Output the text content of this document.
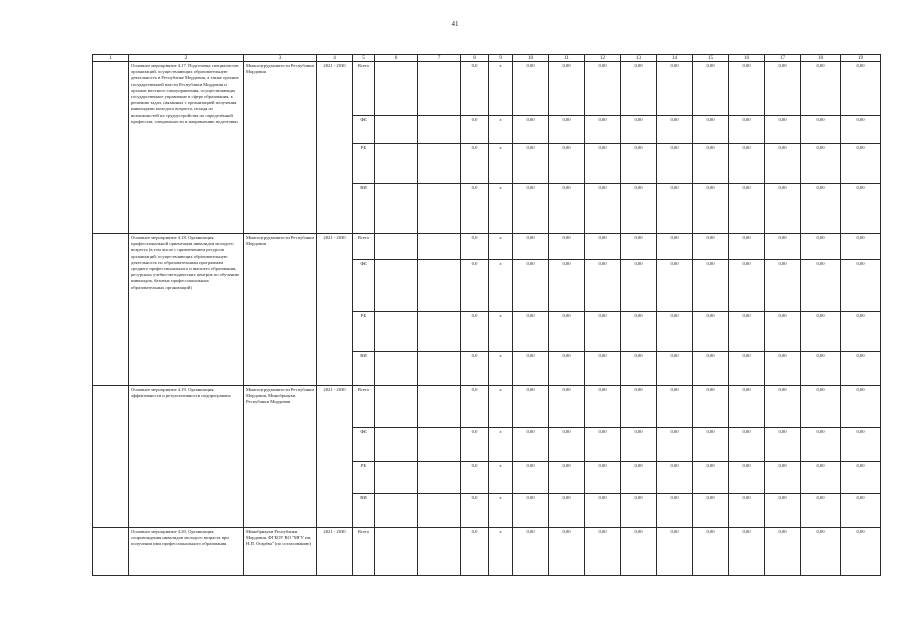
41
1	2	3	4	5	6	7	8	9	10	11	12	13	14	15	16	17	18	19
	Основное мероприятие 4.17. Подготовка специалистов организаций, осуществляющих образовательную деятельность в Республике Мордовия, а также органов государственной власти Республики Мордовия и органов местного самоуправления, осуществляющих государственное управление в сфере образования, к решению задач, связанных с организацией получения инвалидами молодого возраста, исходя из возможностей их трудоустройства по определённой профессии, специальности и направлению подготовки	Минсоцтрудзанятости Республики Мордовия	2021 - 2030	Всего			0,0	х	0,00	0,00	0,00	0,00	0,00	0,00	0,00	0,00	0,00	0,00
				ФБ			0,0	х	0,00	0,00	0,00	0,00	0,00	0,00	0,00	0,00	0,00	0,00
				РБ			0,0	х	0,00	0,00	0,00	0,00	0,00	0,00	0,00	0,00	0,00	0,00
				ВИ			0,0	х	0,00	0,00	0,00	0,00	0,00	0,00	0,00	0,00	0,00	0,00
	Основное мероприятие 4.18. Организация профессиональной ориентации инвалидов молодого возраста (в том числе с привлечением ресурсов организаций, осуществляющих образовательную деятельность по образовательным программам среднего профессионального и высшего образования, ресурсных учебно-методических центров по обучению инвалидов, базовых профессиональных образовательных организаций)	Минсоцтрудзанятости Республики Мордовия	2021 - 2030	Всего			0,0	х	0,00	0,00	0,00	0,00	0,00	0,00	0,00	0,00	0,00	0,00
				ФБ			0,0	х	0,00	0,00	0,00	0,00	0,00	0,00	0,00	0,00	0,00	0,00
				РБ			0,0	х	0,00	0,00	0,00	0,00	0,00	0,00	0,00	0,00	0,00	0,00
				ВИ			0,0	х	0,00	0,00	0,00	0,00	0,00	0,00	0,00	0,00	0,00	0,00
	Основное мероприятие 4.19. Организация эффективности и результативности подпрограммы	Минсоцтрудзанятости Республики Мордовия, Минобрнауки Республики Мордовия	2021 - 2030	Всего			0,0	х	0,00	0,00	0,00	0,00	0,00	0,00	0,00	0,00	0,00	0,00
				ФБ			0,0	х	0,00	0,00	0,00	0,00	0,00	0,00	0,00	0,00	0,00	0,00
				РБ			0,0	х	0,00	0,00	0,00	0,00	0,00	0,00	0,00	0,00	0,00	0,00
				ВИ			0,0	х	0,00	0,00	0,00	0,00	0,00	0,00	0,00	0,00	0,00	0,00
	Основное мероприятие 4.20. Организация сопровождения инвалидов молодого возраста при получении ими профессионального образования	Минобрнауки Республики Мордовия, ФГБОУ ВО "МГУ им. Н.П. Огарёва" (по согласованию)	2021 - 2030	Всего			0,0	х	0,00	0,00	0,00	0,00	0,00	0,00	0,00	0,00	0,00	0,00
